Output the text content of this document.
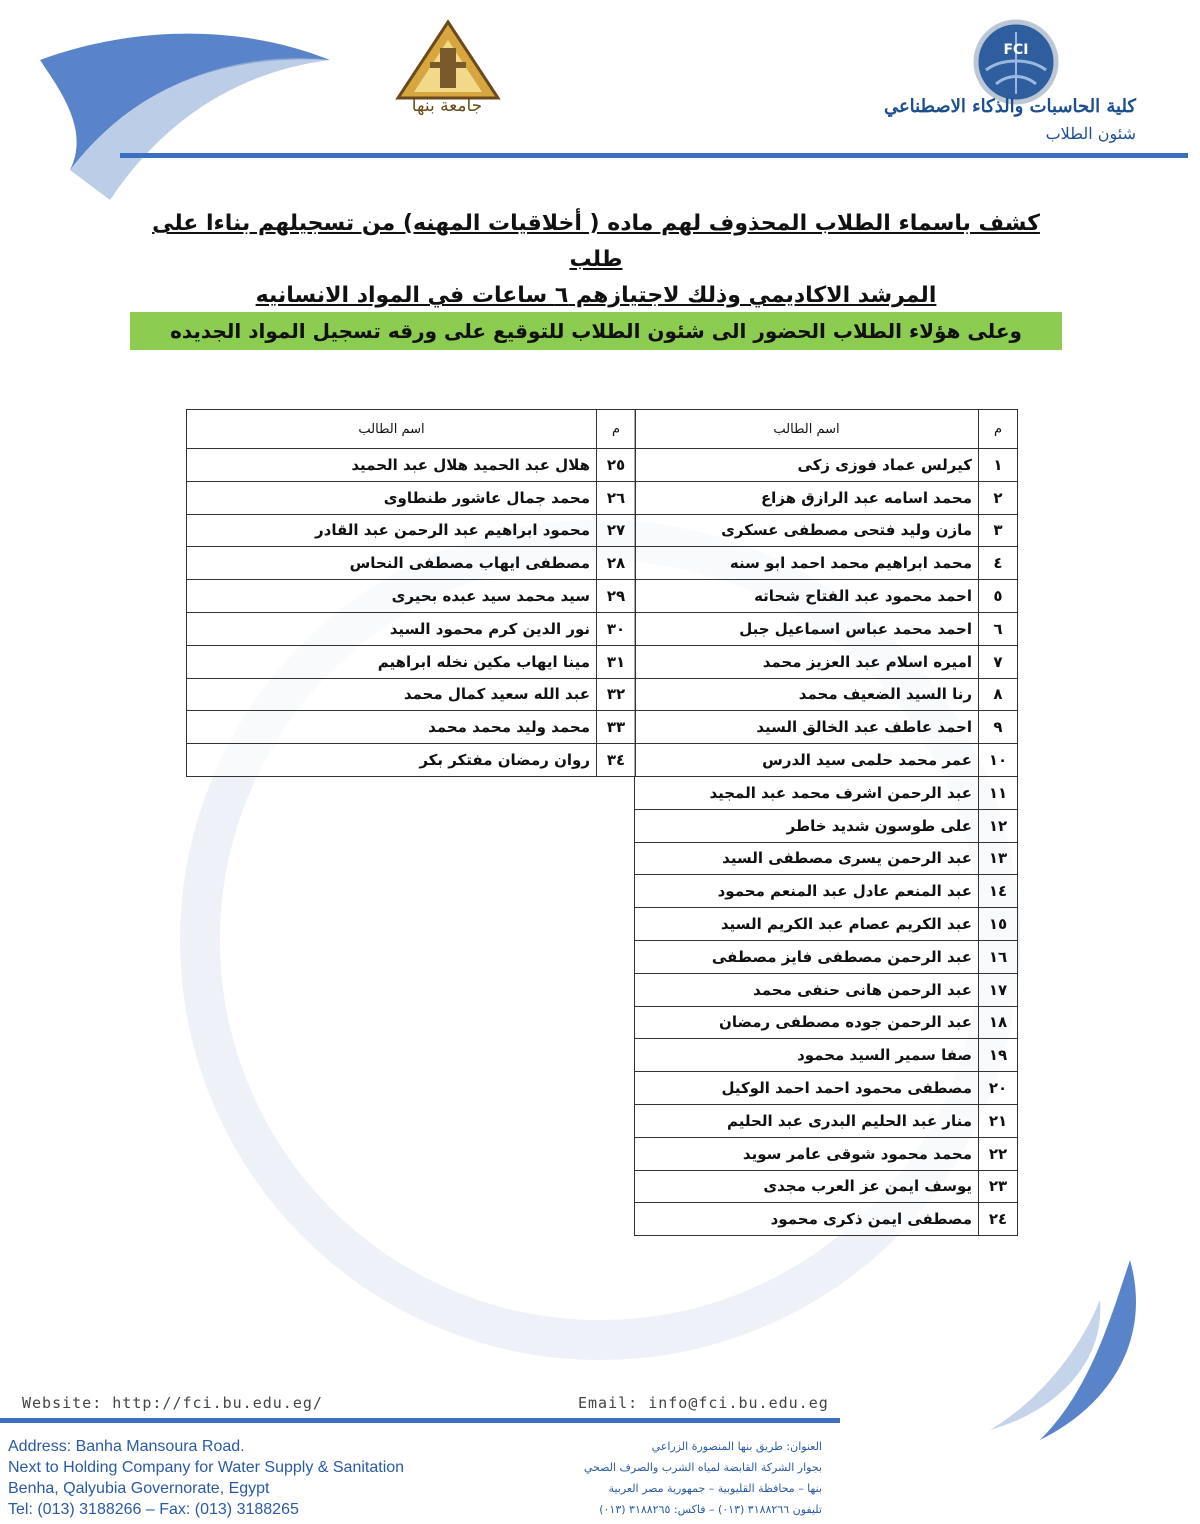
جامعة بنها
FCI
كلية الحاسبات والذكاء الاصطناعي
شئون الطلاب
كشف باسماء الطلاب المحذوف لهم ماده ( أخلاقيات المهنه) من تسجيلهم بناءا على طلب
المرشد الاكاديمي وذلك لاجتيازهم ٦ ساعات في المواد الانسانيه
وعلى هؤلاء الطلاب الحضور الى شئون الطلاب للتوقيع على ورقه تسجيل المواد الجديده
م	اسم الطالب
١	كيرلس عماد فوزى زكى
٢	محمد اسامه عبد الرازق هزاع
٣	مازن وليد فتحى مصطفى عسكرى
٤	محمد ابراهيم محمد احمد ابو سنه
٥	احمد محمود عبد الفتاح شحاته
٦	احمد محمد عباس اسماعيل جبل
٧	اميره اسلام عبد العزيز محمد
٨	رنا السيد الضعيف محمد
٩	احمد عاطف عبد الخالق السيد
١٠	عمر محمد حلمى سيد الدرس
١١	عبد الرحمن اشرف محمد عبد المجيد
١٢	على طوسون شديد خاطر
١٣	عبد الرحمن يسرى مصطفى السيد
١٤	عبد المنعم عادل عبد المنعم محمود
١٥	عبد الكريم عصام عبد الكريم السيد
١٦	عبد الرحمن مصطفى فايز مصطفى
١٧	عبد الرحمن هانى حنفى محمد
١٨	عبد الرحمن جوده مصطفى رمضان
١٩	صفا سمير السيد محمود
٢٠	مصطفى محمود احمد احمد الوكيل
٢١	منار عبد الحليم البدرى عبد الحليم
٢٢	محمد محمود شوقى عامر سويد
٢٣	يوسف ايمن عز العرب مجدى
٢٤	مصطفى ايمن ذكرى محمود
م	اسم الطالب
٢٥	هلال عبد الحميد هلال عبد الحميد
٢٦	محمد جمال عاشور طنطاوى
٢٧	محمود ابراهيم عبد الرحمن عبد القادر
٢٨	مصطفى ايهاب مصطفى النحاس
٢٩	سيد محمد سيد عبده بحيرى
٣٠	نور الدين كرم محمود السيد
٣١	مينا ايهاب مكين نخله ابراهيم
٣٢	عبد الله سعيد كمال محمد
٣٣	محمد وليد محمد محمد
٣٤	روان رمضان مفتكر بكر
Website: http://fci.bu.edu.eg/	Email: info@fci.bu.edu.eg
Address: Banha Mansoura Road.
Next to Holding Company for Water Supply & Sanitation
Benha, Qalyubia Governorate, Egypt
Tel: (013) 3188266 – Fax: (013) 3188265
العنوان: طريق بنها المنصورة الزراعي
بجوار الشركة القابضة لمياه الشرب والصرف الصحي
بنها – محافظة القليوبية – جمهورية مصر العربية
تليفون ٣١٨٨٢٦٦ (٠١٣) – فاكس: ٣١٨٨٢٦٥ (٠١٣)
